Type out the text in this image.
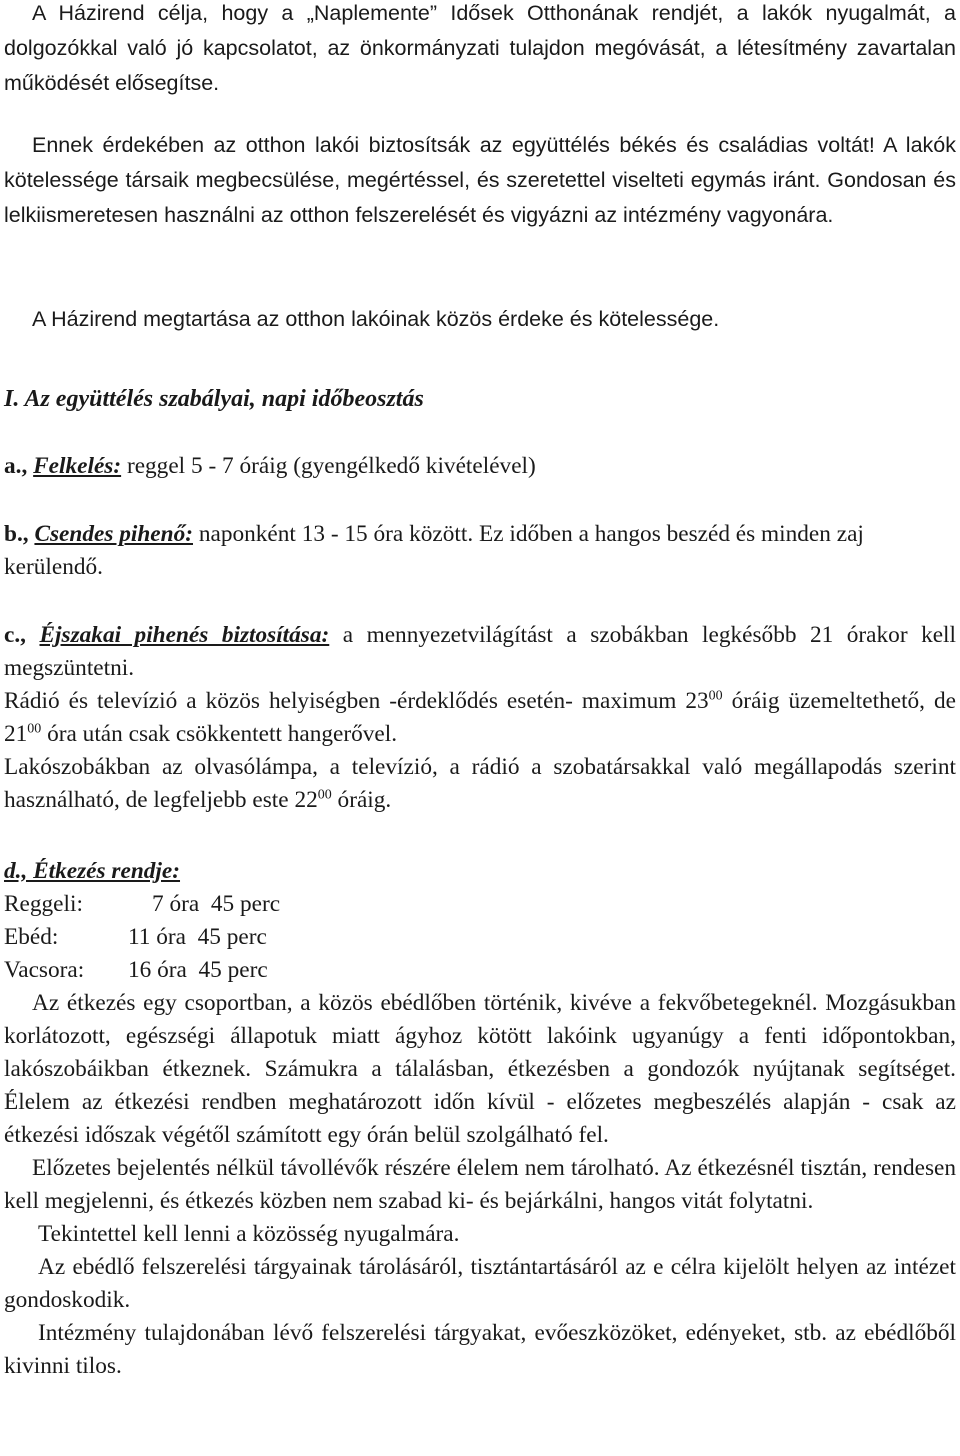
A Házirend célja, hogy a „Naplemente” Idősek Otthonának rendjét, a lakók nyugalmát, a dolgozókkal való jó kapcsolatot, az önkormányzati tulajdon megóvását, a létesítmény zavartalan működését elősegítse.

Ennek érdekében az otthon lakói biztosítsák az együttélés békés és családias voltát! A lakók kötelessége társaik megbecsülése, megértéssel, és szeretettel viselteti egymás iránt. Gondosan és lelkiismeretesen használni az otthon felszerelését és vigyázni az intézmény vagyonára.

A Házirend megtartása az otthon lakóinak közös érdeke és kötelessége.

I. Az együttélés szabályai, napi időbeosztás

a., Felkelés: reggel 5 - 7 óráig (gyengélkedő kivételével)

b., Csendes pihenő: naponként 13 - 15 óra között. Ez időben a hangos beszéd és minden zaj kerülendő.

c., Éjszakai pihenés biztosítása: a mennyezetvilágítást a szobákban legkésőbb 21 órakor kell megszüntetni.

Rádió és televízió a közös helyiségben -érdeklődés esetén- maximum $23^{00}$ óráig üzemeltethető, de $21^{00}$ óra után csak csökkentett hangerővel.

Lakószobákban az olvasólámpa, a televízió, a rádió a szobatársakkal való megállapodás szerint használható, de legfeljebb este $22^{00}$ óráig.

d., Étkezés rendje:

Reggeli:	7 óra  45 perc
Ebéd:	11 óra  45 perc
Vacsora: 16 óra  45 perc

Az étkezés egy csoportban, a közös ebédlőben történik, kivéve a fekvőbetegeknél. Mozgásukban korlátozott, egészségi állapotuk miatt ágyhoz kötött lakóink ugyanúgy a fenti időpontokban, lakószobáikban étkeznek. Számukra a tálalásban, étkezésben a gondozók nyújtanak segítséget. Élelem az étkezési rendben meghatározott időn kívül - előzetes megbeszélés alapján - csak az étkezési időszak végétől számított egy órán belül szolgálható fel.

Előzetes bejelentés nélkül távollévők részére élelem nem tárolható. Az étkezésnél tisztán, rendesen kell megjelenni, és étkezés közben nem szabad ki- és bejárkálni, hangos vitát folytatni.

Tekintettel kell lenni a közösség nyugalmára.

Az ebédlő felszerelési tárgyainak tárolásáról, tisztántartásáról az e célra kijelölt helyen az intézet gondoskodik.

Intézmény tulajdonában lévő felszerelési tárgyakat, evőeszközöket, edényeket, stb. az ebédlőből kivinni tilos.
